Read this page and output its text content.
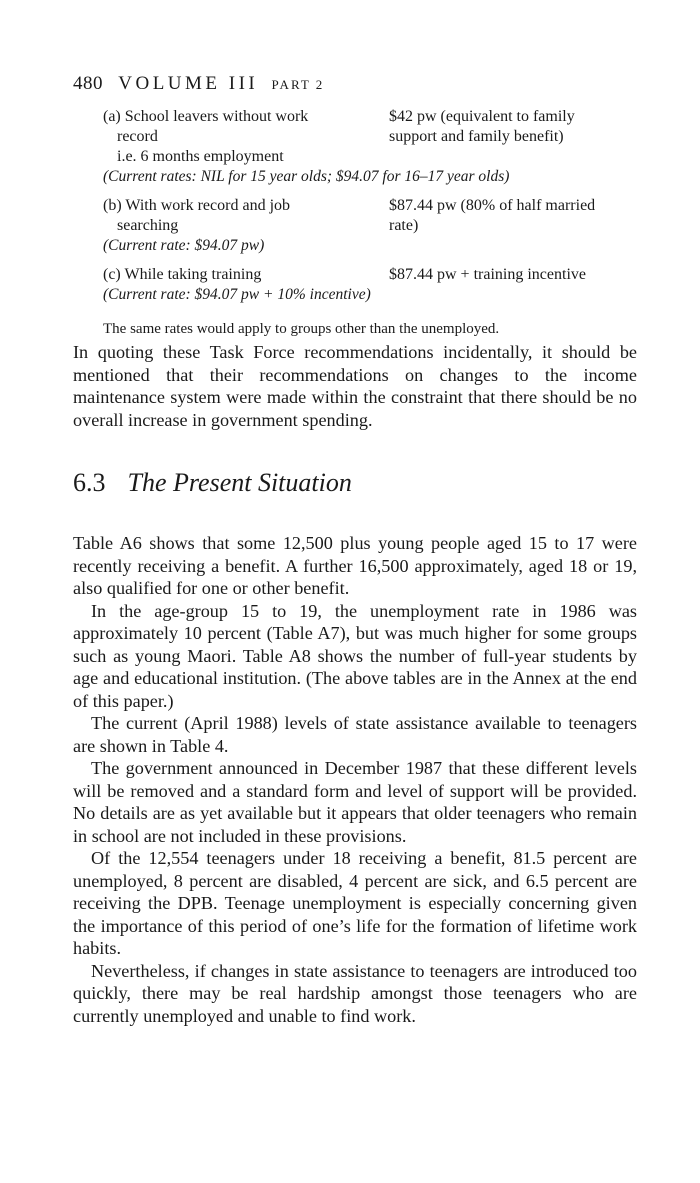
480 VOLUME III PART 2
(a) School leavers without work
record
i.e. 6 months employment
$42 pw (equivalent to family
support and family benefit)
(Current rates: NIL for 15 year olds; $94.07 for 16–17 year olds)
(b) With work record and job
searching
$87.44 pw (80% of half married
rate)
(Current rate: $94.07 pw)
(c) While taking training	$87.44 pw + training incentive
(Current rate: $94.07 pw + 10% incentive)
The same rates would apply to groups other than the unemployed.

In quoting these Task Force recommendations incidentally, it should be mentioned that their recommendations on changes to the income maintenance system were made within the constraint that there should be no overall increase in government spending.

6.3 The Present Situation

Table A6 shows that some 12,500 plus young people aged 15 to 17 were recently receiving a benefit. A further 16,500 approximately, aged 18 or 19, also qualified for one or other benefit.

In the age-group 15 to 19, the unemployment rate in 1986 was approximately 10 percent (Table A7), but was much higher for some groups such as young Maori. Table A8 shows the number of full-year students by age and educational institution. (The above tables are in the Annex at the end of this paper.)

The current (April 1988) levels of state assistance available to teenagers are shown in Table 4.

The government announced in December 1987 that these different levels will be removed and a standard form and level of support will be provided. No details are as yet available but it appears that older teenagers who remain in school are not included in these provisions.

Of the 12,554 teenagers under 18 receiving a benefit, 81.5 percent are unemployed, 8 percent are disabled, 4 percent are sick, and 6.5 percent are receiving the DPB. Teenage unemployment is especially concerning given the importance of this period of one’s life for the formation of lifetime work habits.

Nevertheless, if changes in state assistance to teenagers are introduced too quickly, there may be real hardship amongst those teenagers who are currently unemployed and unable to find work.
